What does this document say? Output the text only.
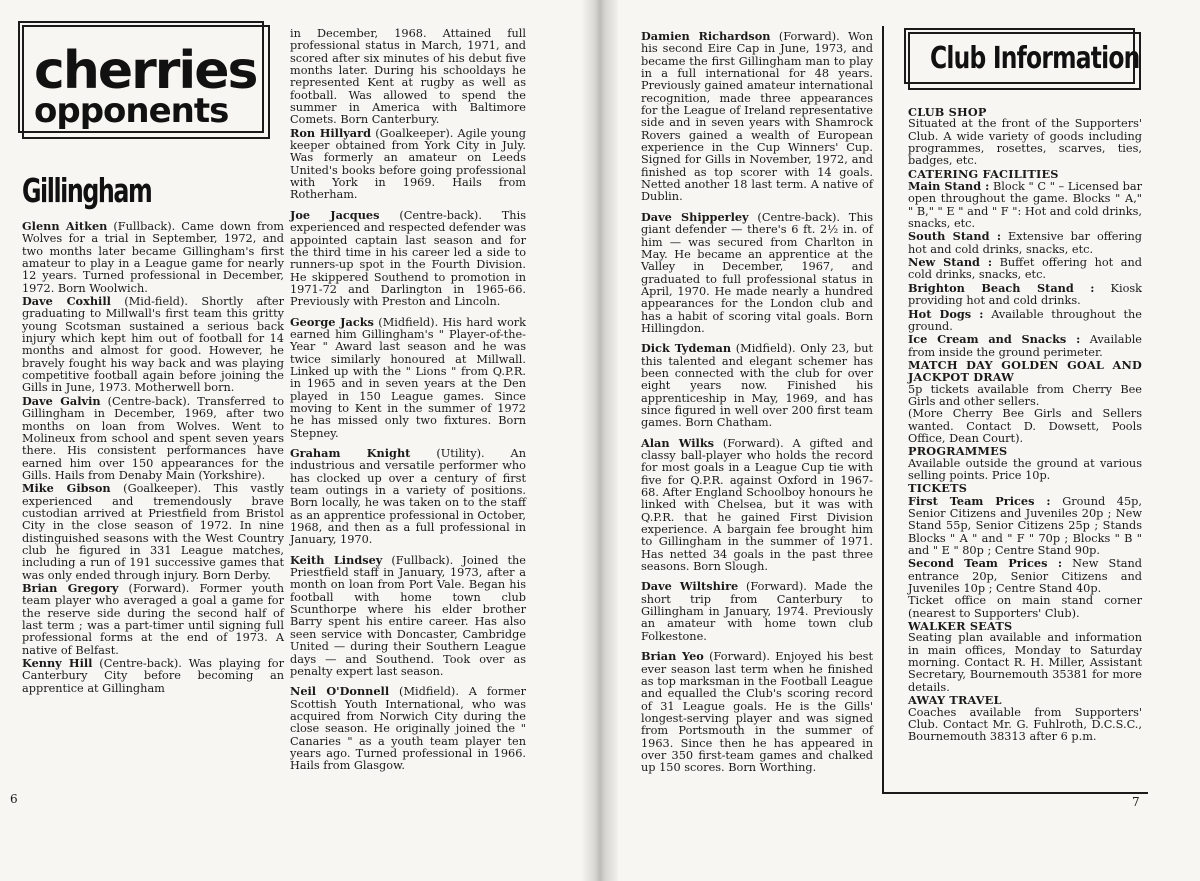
cherries
opponents
Gillingham

Glenn Aitken (Fullback). Came down from Wolves for a trial in September, 1972, and two months later became Gillingham's first amateur to play in a League game for nearly 12 years. Turned professional in December, 1972. Born Woolwich.

Dave Coxhill (Mid-field). Shortly after graduating to Millwall's first team this gritty young Scotsman sustained a serious back injury which kept him out of football for 14 months and almost for good. However, he bravely fought his way back and was playing competitive football again before joining the Gills in June, 1973. Motherwell born.

Dave Galvin (Centre-back). Transferred to Gillingham in December, 1969, after two months on loan from Wolves. Went to Molineux from school and spent seven years there. His consistent performances have earned him over 150 appearances for the Gills. Hails from Denaby Main (Yorkshire).

Mike Gibson (Goalkeeper). This vastly experienced and tremendously brave custodian arrived at Priestfield from Bristol City in the close season of 1972. In nine distinguished seasons with the West Country club he figured in 331 League matches, including a run of 191 successive games that was only ended through injury. Born Derby.

Brian Gregory (Forward). Former youth team player who averaged a goal a game for the reserve side during the second half of last term ; was a part-timer until signing full professional forms at the end of 1973. A native of Belfast.

Kenny Hill (Centre-back). Was playing for Canterbury City before becoming an apprentice at Gillingham

in December, 1968. Attained full professional status in March, 1971, and scored after six minutes of his debut five months later. During his schooldays he represented Kent at rugby as well as football. Was allowed to spend the summer in America with Baltimore Comets. Born Canterbury.

Ron Hillyard (Goalkeeper). Agile young keeper obtained from York City in July. Was formerly an amateur on Leeds United's books before going professional with York in 1969. Hails from Rotherham.

Joe Jacques (Centre-back). This experienced and respected defender was appointed captain last season and for the third time in his career led a side to runners-up spot in the Fourth Division. He skippered Southend to promotion in 1971-72 and Darlington in 1965-66. Previously with Preston and Lincoln.

George Jacks (Midfield). His hard work earned him Gillingham's " Player-of-the-Year " Award last season and he was twice similarly honoured at Millwall. Linked up with the " Lions " from Q.P.R. in 1965 and in seven years at the Den played in 150 League games. Since moving to Kent in the summer of 1972 he has missed only two fixtures. Born Stepney.

Graham Knight (Utility). An industrious and versatile performer who has clocked up over a century of first team outings in a variety of positions. Born locally, he was taken on to the staff as an apprentice professional in October, 1968, and then as a full professional in January, 1970.

Keith Lindsey (Fullback). Joined the Priestfield staff in January, 1973, after a month on loan from Port Vale. Began his football with home town club Scunthorpe where his elder brother Barry spent his entire career. Has also seen service with Doncaster, Cambridge United — during their Southern League days — and Southend. Took over as penalty expert last season.

Neil O'Donnell (Midfield). A former Scottish Youth International, who was acquired from Norwich City during the close season. He originally joined the " Canaries " as a youth team player ten years ago. Turned professional in 1966. Hails from Glasgow.

6

Damien Richardson (Forward). Won his second Eire Cap in June, 1973, and became the first Gillingham man to play in a full international for 48 years. Previously gained amateur international recognition, made three appearances for the League of Ireland representative side and in seven years with Shamrock Rovers gained a wealth of European experience in the Cup Winners' Cup. Signed for Gills in November, 1972, and finished as top scorer with 14 goals. Netted another 18 last term. A native of Dublin.

Dave Shipperley (Centre-back). This giant defender — there's 6 ft. 2½ in. of him — was secured from Charlton in May. He became an apprentice at the Valley in December, 1967, and graduated to full professional status in April, 1970. He made nearly a hundred appearances for the London club and has a habit of scoring vital goals. Born Hillingdon.

Dick Tydeman (Midfield). Only 23, but this talented and elegant schemer has been connected with the club for over eight years now. Finished his apprenticeship in May, 1969, and has since figured in well over 200 first team games. Born Chatham.

Alan Wilks (Forward). A gifted and classy ball-player who holds the record for most goals in a League Cup tie with five for Q.P.R. against Oxford in 1967-68. After England Schoolboy honours he linked with Chelsea, but it was with Q.P.R. that he gained First Division experience. A bargain fee brought him to Gillingham in the summer of 1971. Has netted 34 goals in the past three seasons. Born Slough.

Dave Wiltshire (Forward). Made the short trip from Canterbury to Gillingham in January, 1974. Previously an amateur with home town club Folkestone.

Brian Yeo (Forward). Enjoyed his best ever season last term when he finished as top marksman in the Football League and equalled the Club's scoring record of 31 League goals. He is the Gills' longest-serving player and was signed from Portsmouth in the summer of 1963. Since then he has appeared in over 350 first-team games and chalked up 150 scores. Born Worthing.

Club Information
CLUB SHOP

Situated at the front of the Supporters' Club. A wide variety of goods including programmes, rosettes, scarves, ties, badges, etc.

CATERING FACILITIES

Main Stand : Block " C " – Licensed bar open throughout the game. Blocks " A," " B," " E " and " F ": Hot and cold drinks, snacks, etc.

South Stand : Extensive bar offering hot and cold drinks, snacks, etc.

New Stand : Buffet offering hot and cold drinks, snacks, etc.

Brighton Beach Stand : Kiosk providing hot and cold drinks.

Hot Dogs : Available throughout the ground.

Ice Cream and Snacks : Available from inside the ground perimeter.

MATCH DAY GOLDEN GOAL AND JACKPOT DRAW

5p tickets available from Cherry Bee Girls and other sellers.

(More Cherry Bee Girls and Sellers wanted. Contact D. Dowsett, Pools Office, Dean Court).

PROGRAMMES

Available outside the ground at various selling points. Price 10p.

TICKETS

First Team Prices : Ground 45p, Senior Citizens and Juveniles 20p ; New Stand 55p, Senior Citizens 25p ; Stands Blocks " A " and " F " 70p ; Blocks " B " and " E " 80p ; Centre Stand 90p.

Second Team Prices : New Stand entrance 20p, Senior Citizens and Juveniles 10p ; Centre Stand 40p.

Ticket office on main stand corner (nearest to Supporters' Club).

WALKER SEATS

Seating plan available and information in main offices, Monday to Saturday morning. Contact R. H. Miller, Assistant Secretary, Bournemouth 35381 for more details.

AWAY TRAVEL

Coaches available from Supporters' Club. Contact Mr. G. Fuhlroth, D.C.S.C., Bournemouth 38313 after 6 p.m.

7
